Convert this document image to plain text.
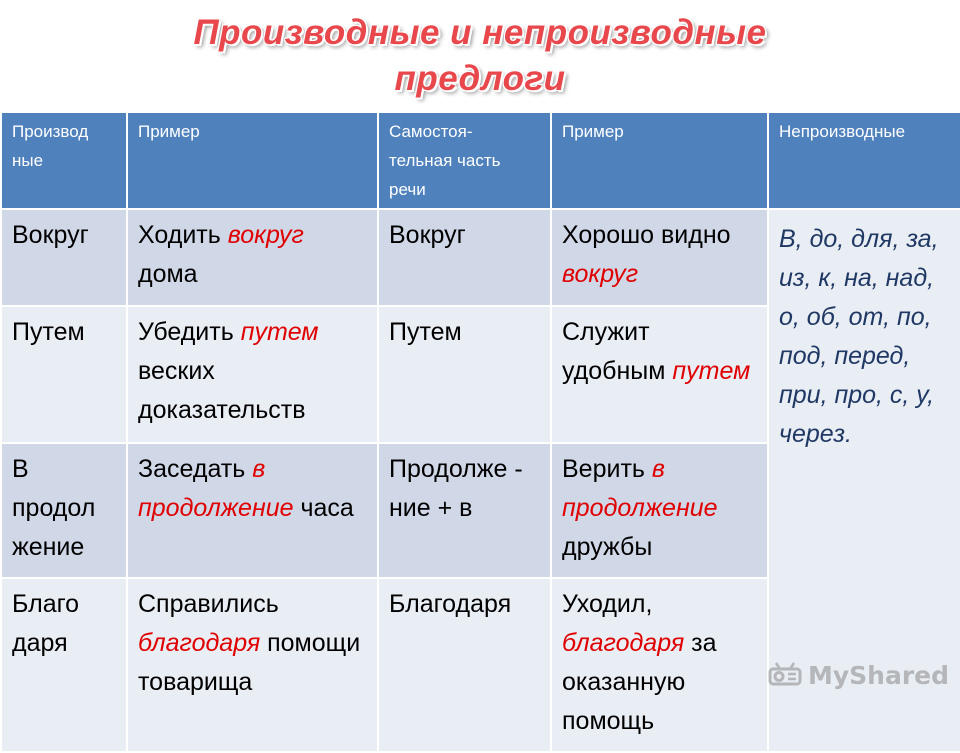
Производные и непроизводные
предлоги
Производ ные	Пример	Самостоя- тельная часть речи	Пример	Непроизводные
Вокруг	Ходить вокруг дома	Вокруг	Хорошо видно вокруг	В, до, для, за, из, к, на, над, о, об, от, по, под, перед, при, про, с, у, через.
Путем	Убедить путем веских доказательств	Путем	Служит удобным путем	
В продол жение	Заседать в продолжение часа	Продолже - ние + в	Верить в продолжение дружбы	
Благо даря	Справились благодаря помощи товарища	Благодаря	Уходил, благодаря за оказанную помощь	
MyShared
